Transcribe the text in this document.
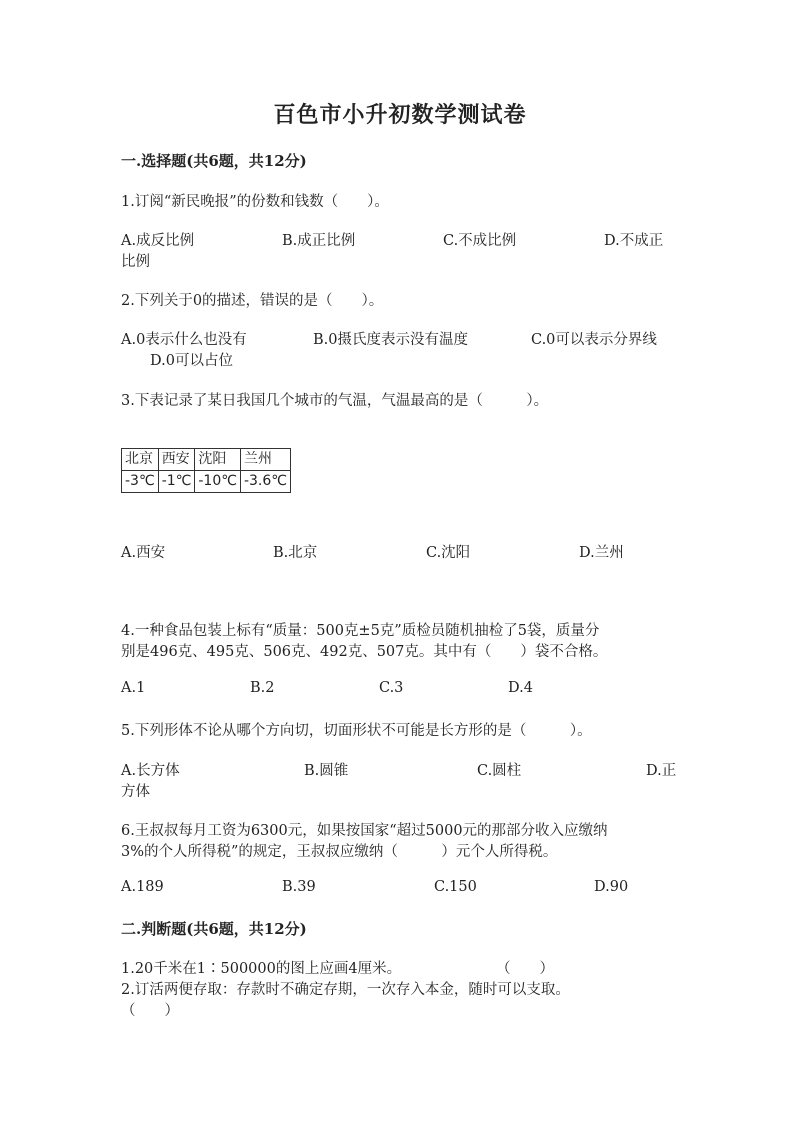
百色市小升初数学测试卷
一.选择题(共6题，共12分)
1.订阅“新民晚报”的份数和钱数（　　）。
A.成反比例	B.成正比例	C.不成比例	D.不成正
比例
2.下列关于0的描述，错误的是（　　）。
A.0表示什么也没有	B.0摄氏度表示没有温度	C.0可以表示分界线
D.0可以占位
3.下表记录了某日我国几个城市的气温，气温最高的是（　　　）。
北京	西安	沈阳	兰州
-3℃	-1℃	-10℃	-3.6℃
A.西安	B.北京	C.沈阳	D.兰州
4.一种食品包装上标有“质量：500克±5克”质检员随机抽检了5袋，质量分
别是496克、495克、506克、492克、507克。其中有（　　）袋不合格。
A.1	B.2	C.3	D.4
5.下列形体不论从哪个方向切，切面形状不可能是长方形的是（　　　）。
A.长方体	B.圆锥	C.圆柱	D.正
方体
6.王叔叔每月工资为6300元，如果按国家“超过5000元的那部分收入应缴纳
3%的个人所得税”的规定，王叔叔应缴纳（　　　）元个人所得税。
A.189	B.39	C.150	D.90
二.判断题(共6题，共12分)
1.20千米在1∶500000的图上应画4厘米。	（　　）
2.订活两便存取：存款时不确定存期，一次存入本金，随时可以支取。
（　　）
